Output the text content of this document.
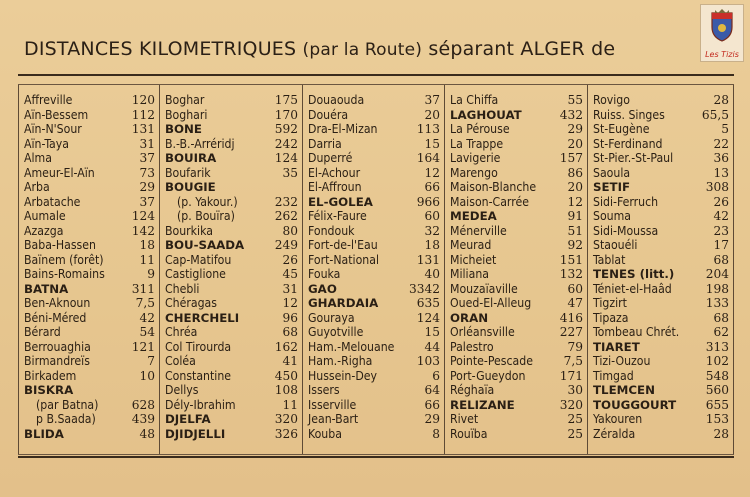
DISTANCES KILOMETRIQUES (par la Route) séparant ALGER de	Les Tizis
Affreville	120
Aïn-Bessem	112
Aïn-N'Sour	131
Aïn-Taya	31
Alma	37
Ameur-El-Aïn	73
Arba	29
Arbatache	37
Aumale	124
Azazga	142
Baba-Hassen	18
Baïnem (forêt)	11
Bains-Romains	9
BATNA	311
Ben-Aknoun	7,5
Béni-Méred	42
Bérard	54
Berrouaghia	121
Birmandreïs	7
Birkadem	10
BISKRA
(par Batna)	628
p B.Saada)	439
BLIDA	48
Boghar	175
Boghari	170
BONE	592
B.-B.-Arréridj	242
BOUIRA	124
Boufarik	35
BOUGIE
(p. Yakour.)	232
(p. Bouïra)	262
Bourkika	80
BOU-SAADA	249
Cap-Matifou	26
Castiglione	45
Chebli	31
Chéragas	12
CHERCHELI	96
Chréa	68
Col Tirourda	162
Coléa	41
Constantine	450
Dellys	108
Dély-Ibrahim	11
DJELFA	320
DJIDJELLI	326
Douaouda	37
Douéra	20
Dra-El-Mizan	113
Darria	15
Duperré	164
El-Achour	12
El-Affroun	66
EL-GOLEA	966
Félix-Faure	60
Fondouk	32
Fort-de-l'Eau	18
Fort-National	131
Fouka	40
GAO	3342
GHARDAIA	635
Gouraya	124
Guyotville	15
Ham.-Melouane 44
Ham.-Righa	103
Hussein-Dey	6
Issers	64
Isserville	66
Jean-Bart	29
Kouba	8
La Chiffa	55
LAGHOUAT	432
La Pérouse	29
La Trappe	20
Lavigerie	157
Marengo	86
Maison-Blanche	20
Maison-Carrée	12
MEDEA	91
Ménerville	51
Meurad	92
Micheiet	151
Miliana	132
Mouzaïaville	60
Oued-El-Alleug	47
ORAN	416
Orléansville	227
Palestro	79
Pointe-Pescade	7,5
Port-Gueydon	171
Réghaïa	30
RELIZANE	320
Rivet	25
Rouïba	25
Rovigo	28
Ruiss. Singes	65,5
St-Eugène	5
St-Ferdinand	22
St-Pier.-St-Paul	36
Saoula	13
SETIF	308
Sidi-Ferruch	26
Souma	42
Sidi-Moussa	23
Staouéli	17
Tablat	68
TENES (litt.)	204
Téniet-el-Haâd	198
Tigzirt	133
Tipaza	68
Tombeau Chrét.	62
TIARET	313
Tizi-Ouzou	102
Timgad	548
TLEMCEN	560
TOUGGOURT 655
Yakouren	153
Zéralda	28
